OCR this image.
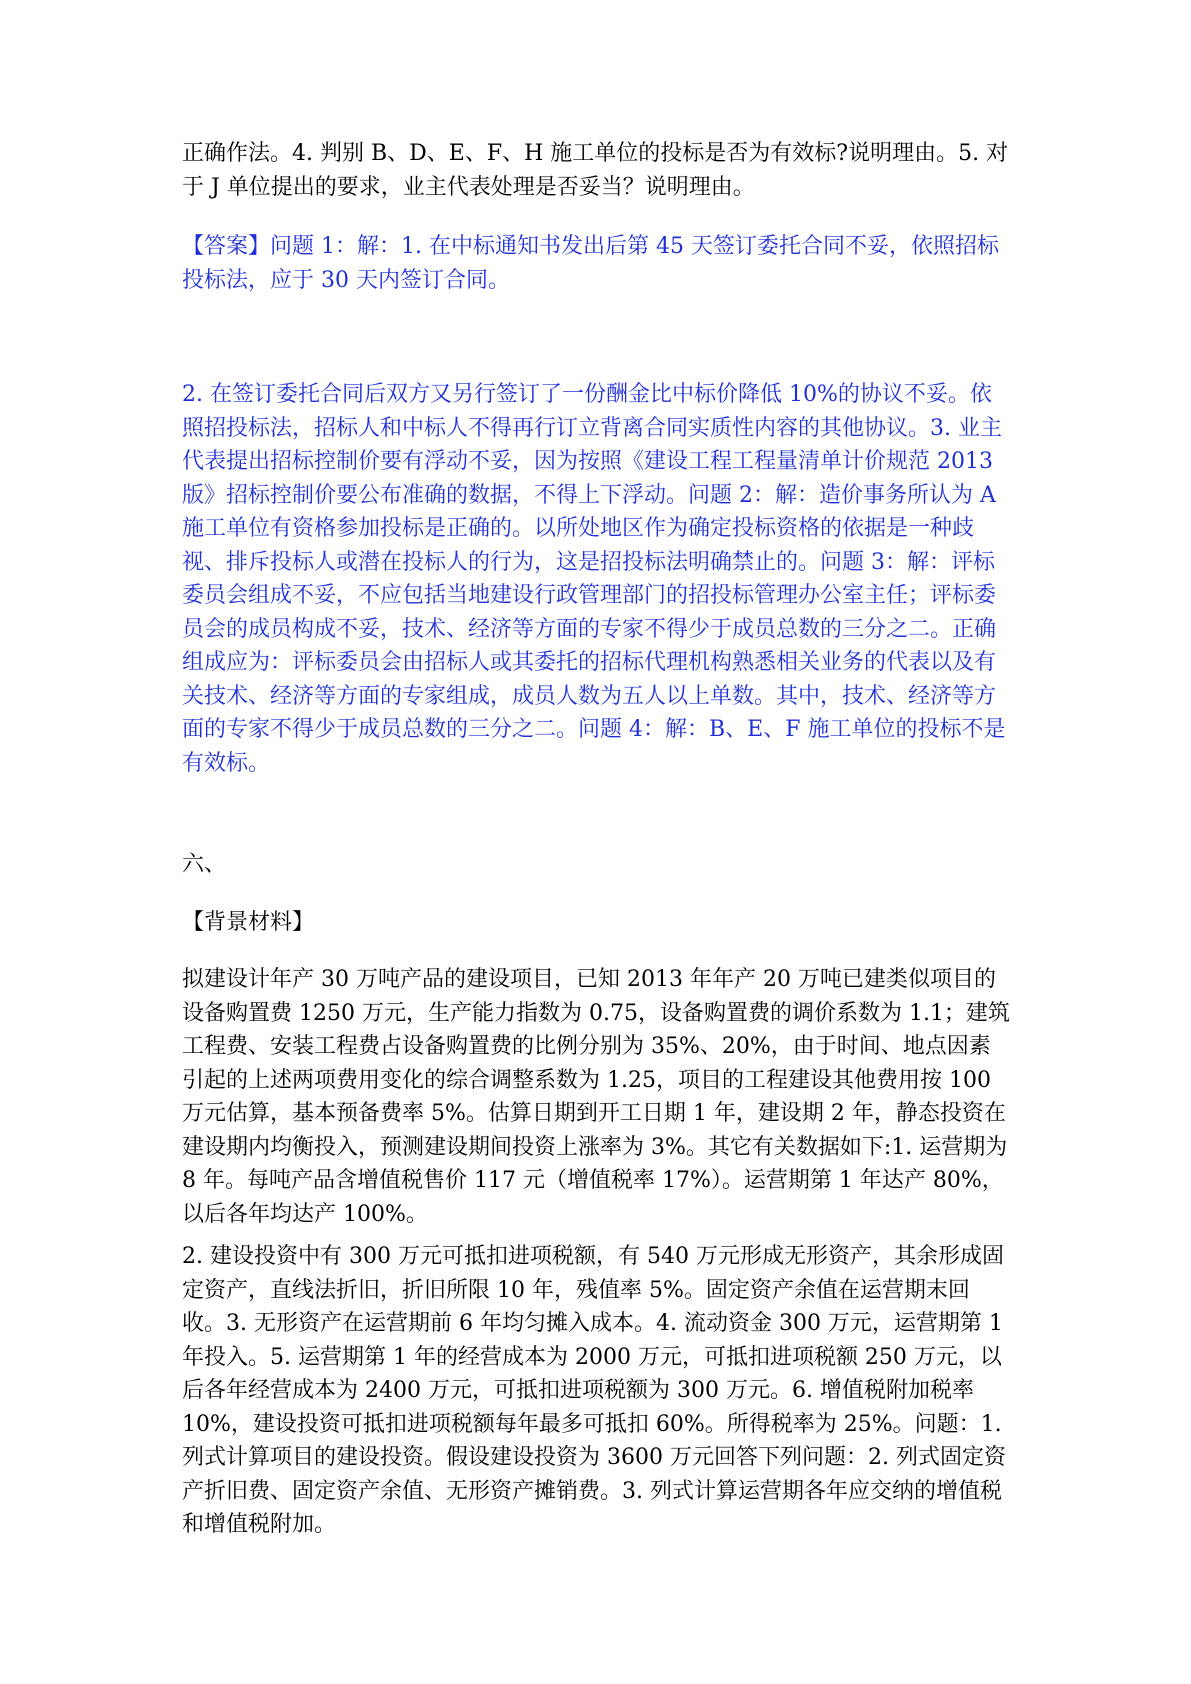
正确作法。4. 判别 B、D、E、F、H 施工单位的投标是否为有效标?说明理由。5. 对于 J 单位提出的要求，业主代表处理是否妥当？说明理由。

【答案】问题 1：解：1. 在中标通知书发出后第 45 天签订委托合同不妥，依照招标投标法，应于 30 天内签订合同。

2. 在签订委托合同后双方又另行签订了一份酬金比中标价降低 10%的协议不妥。依照招投标法，招标人和中标人不得再行订立背离合同实质性内容的其他协议。3. 业主代表提出招标控制价要有浮动不妥，因为按照《建设工程工程量清单计价规范 2013 版》招标控制价要公布准确的数据，不得上下浮动。问题 2：解：造价事务所认为 A 施工单位有资格参加投标是正确的。以所处地区作为确定投标资格的依据是一种歧视、排斥投标人或潜在投标人的行为，这是招投标法明确禁止的。问题 3：解：评标委员会组成不妥，不应包括当地建设行政管理部门的招投标管理办公室主任；评标委员会的成员构成不妥，技术、经济等方面的专家不得少于成员总数的三分之二。正确组成应为：评标委员会由招标人或其委托的招标代理机构熟悉相关业务的代表以及有关技术、经济等方面的专家组成，成员人数为五人以上单数。其中，技术、经济等方面的专家不得少于成员总数的三分之二。问题 4：解：B、E、F 施工单位的投标不是有效标。

六、

【背景材料】

拟建设计年产 30 万吨产品的建设项目，已知 2013 年年产 20 万吨已建类似项目的设备购置费 1250 万元，生产能力指数为 0.75，设备购置费的调价系数为 1.1；建筑工程费、安装工程费占设备购置费的比例分别为 35%、20%，由于时间、地点因素引起的上述两项费用变化的综合调整系数为 1.25，项目的工程建设其他费用按 100 万元估算，基本预备费率 5%。估算日期到开工日期 1 年，建设期 2 年，静态投资在建设期内均衡投入，预测建设期间投资上涨率为 3%。其它有关数据如下:1. 运营期为 8 年。每吨产品含增值税售价 117 元（增值税率 17%）。运营期第 1 年达产 80%，以后各年均达产 100%。

2. 建设投资中有 300 万元可抵扣进项税额，有 540 万元形成无形资产，其余形成固定资产，直线法折旧，折旧所限 10 年，残值率 5%。固定资产余值在运营期末回收。3. 无形资产在运营期前 6 年均匀摊入成本。4. 流动资金 300 万元，运营期第 1 年投入。5. 运营期第 1 年的经营成本为 2000 万元，可抵扣进项税额 250 万元，以后各年经营成本为 2400 万元，可抵扣进项税额为 300 万元。6. 增值税附加税率 10%，建设投资可抵扣进项税额每年最多可抵扣 60%。所得税率为 25%。问题：1. 列式计算项目的建设投资。假设建设投资为 3600 万元回答下列问题：2. 列式固定资产折旧费、固定资产余值、无形资产摊销费。3. 列式计算运营期各年应交纳的增值税和增值税附加。
